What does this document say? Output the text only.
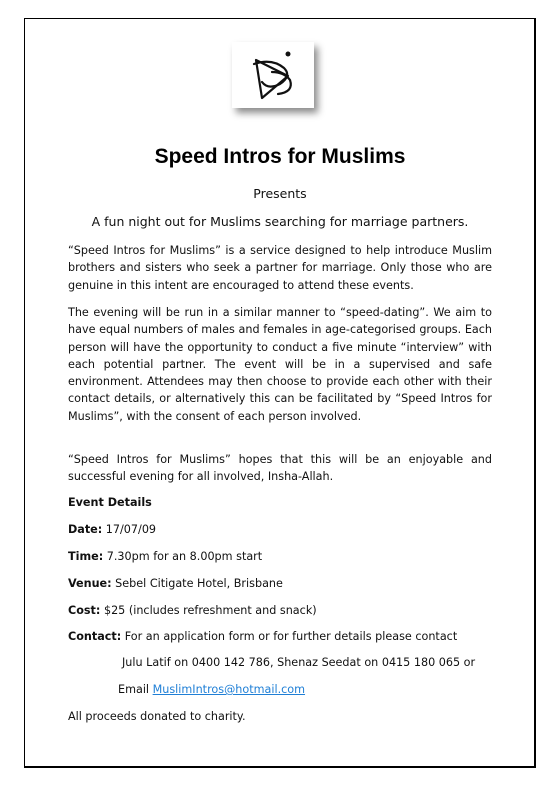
Speed Intros for Muslims
Presents
A fun night out for Muslims searching for marriage partners.
“Speed Intros for Muslims” is a service designed to help introduce Muslim brothers and sisters who seek a partner for marriage. Only those who are genuine in this intent are encouraged to attend these events.
The evening will be run in a similar manner to “speed-dating”. We aim to have equal numbers of males and females in age-categorised groups. Each person will have the opportunity to conduct a five minute “interview” with each potential partner. The event will be in a supervised and safe environment. Attendees may then choose to provide each other with their contact details, or alternatively this can be facilitated by “Speed Intros for Muslims”, with the consent of each person involved.
“Speed Intros for Muslims” hopes that this will be an enjoyable and successful evening for all involved, Insha-Allah.
Event Details
Date: 17/07/09
Time: 7.30pm for an 8.00pm start
Venue: Sebel Citigate Hotel, Brisbane
Cost: $25 (includes refreshment and snack)
Contact: For an application form or for further details please contact
Julu Latif on 0400 142 786, Shenaz Seedat on 0415 180 065 or
Email MuslimIntros@hotmail.com
All proceeds donated to charity.
